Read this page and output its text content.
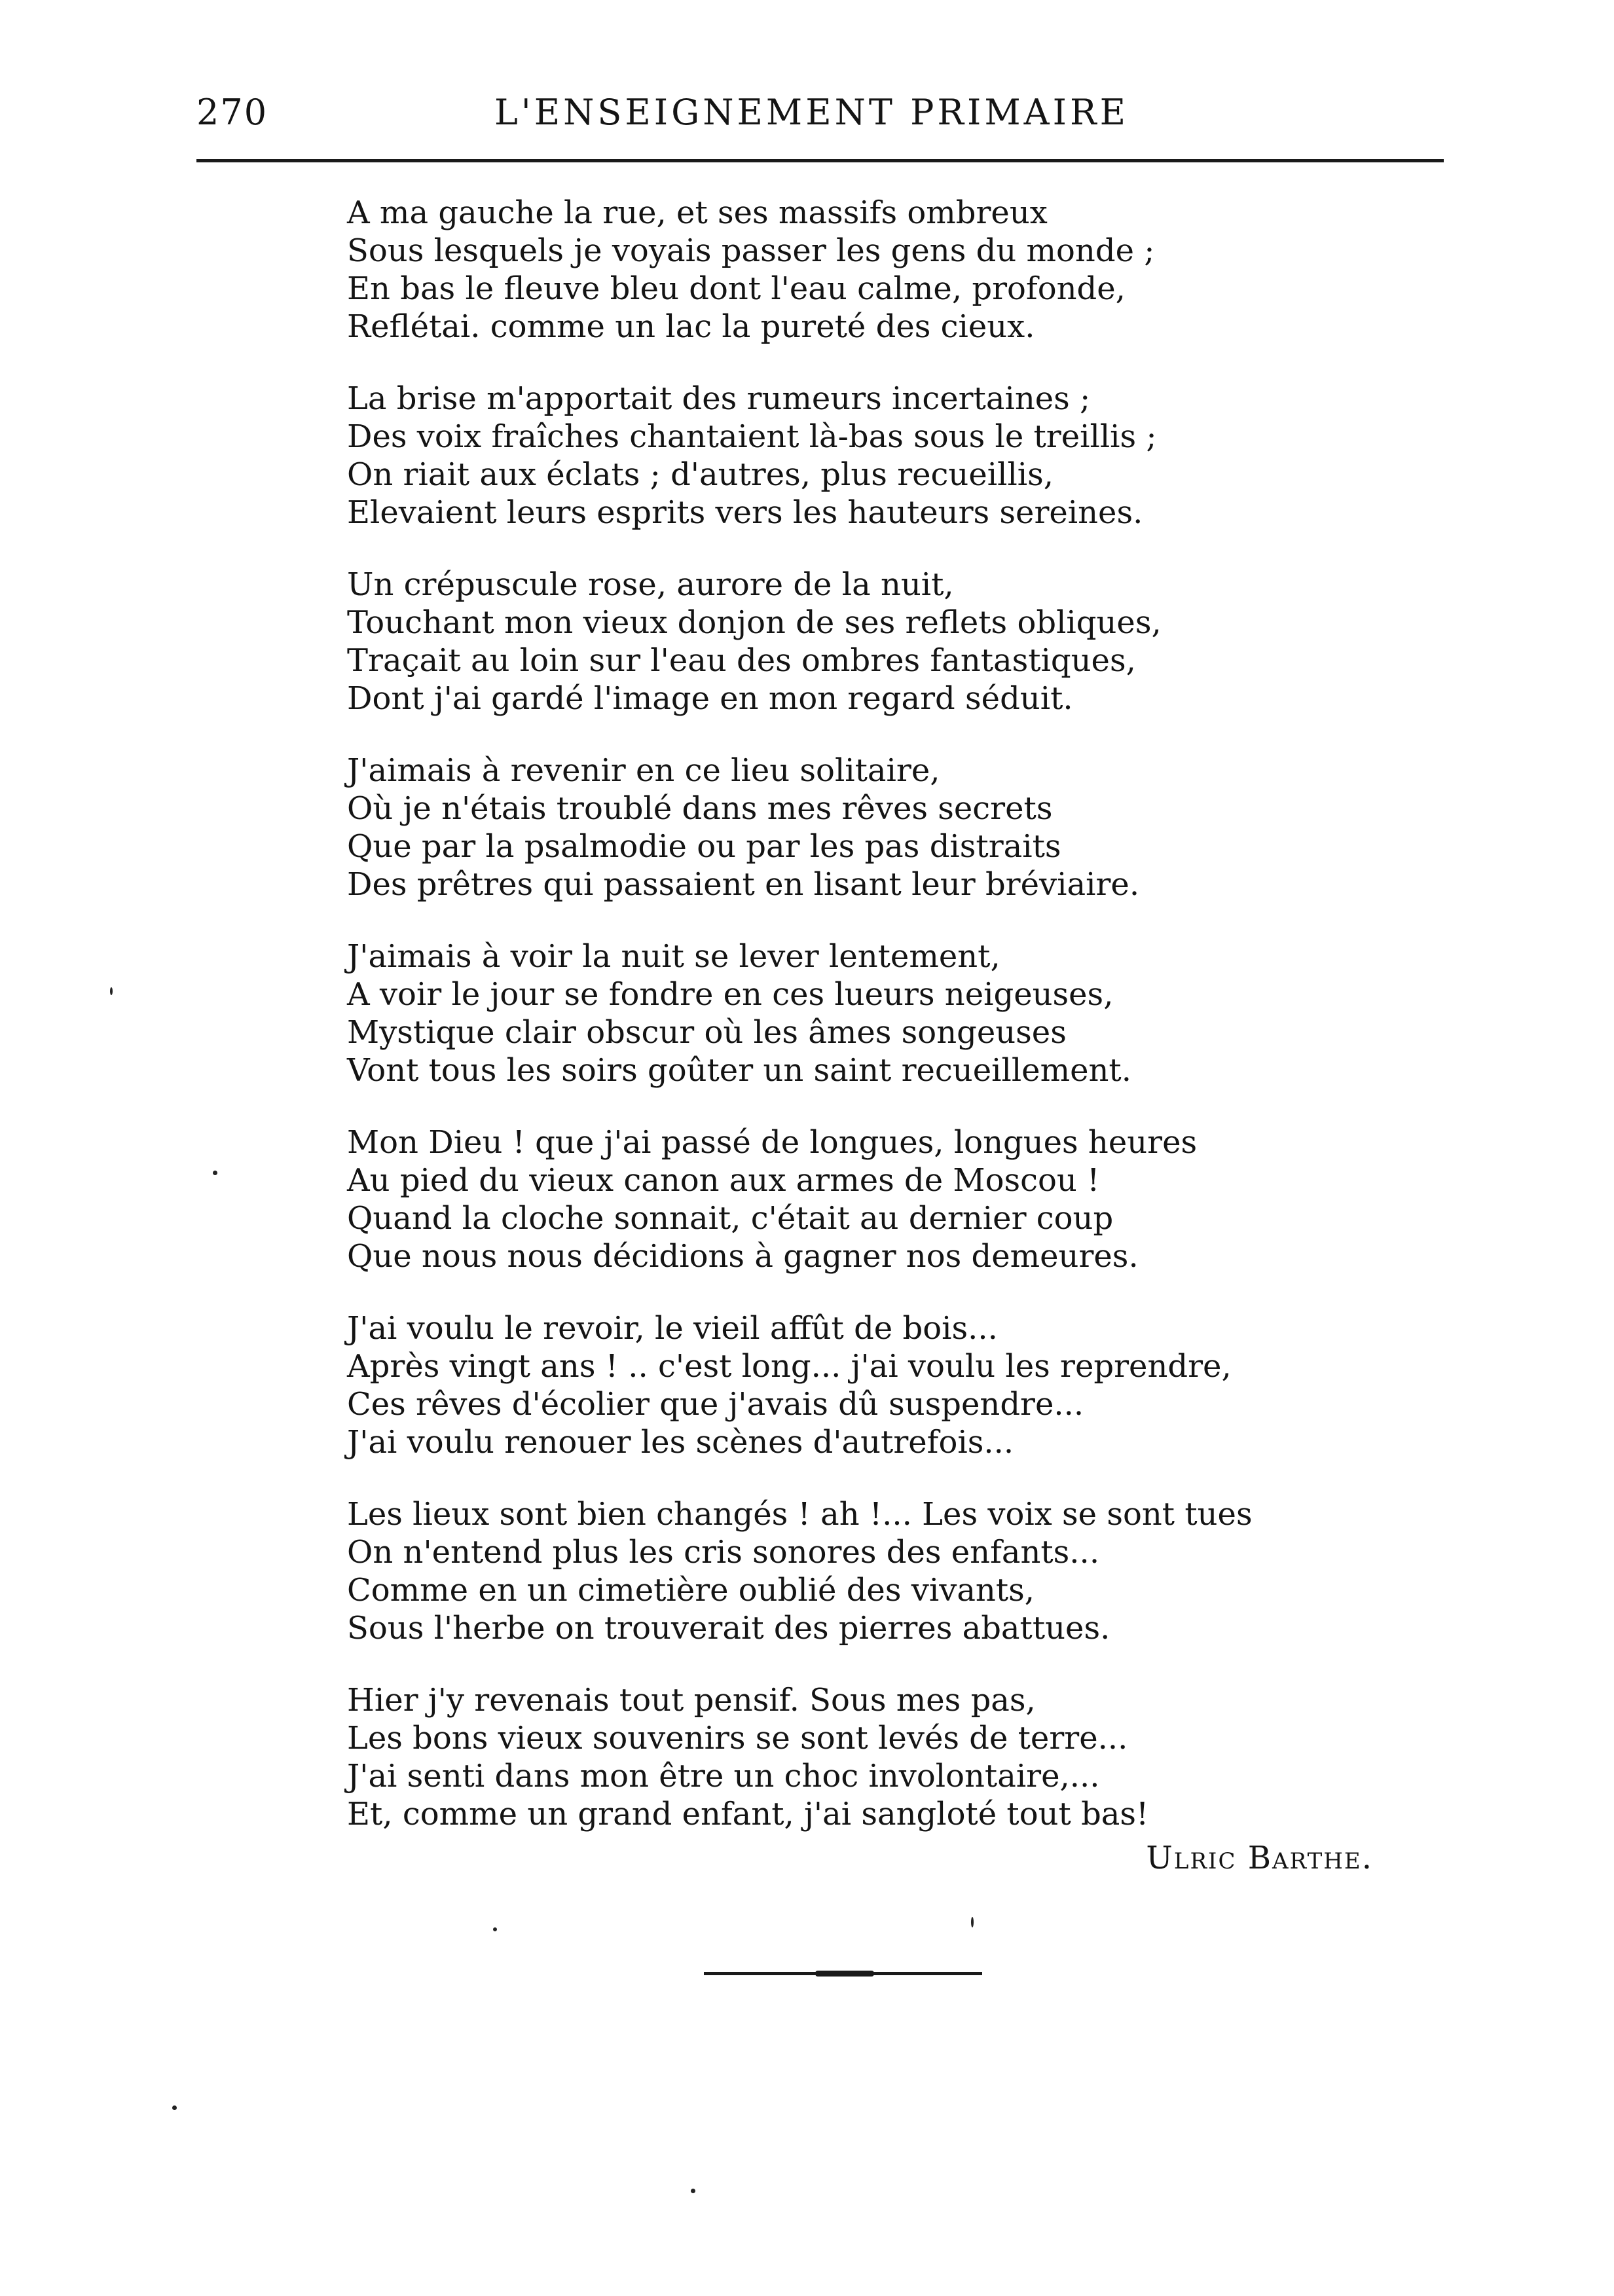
270	L'ENSEIGNEMENT PRIMAIRE
A ma gauche la rue, et ses massifs ombreux
Sous lesquels je voyais passer les gens du monde ;
En bas le fleuve bleu dont l'eau calme, profonde,
Reflétai. comme un lac la pureté des cieux.
La brise m'apportait des rumeurs incertaines ;
Des voix fraîches chantaient là-bas sous le treillis ;
On riait aux éclats ; d'autres, plus recueillis,
Elevaient leurs esprits vers les hauteurs sereines.
Un crépuscule rose, aurore de la nuit,
Touchant mon vieux donjon de ses reflets obliques,
Traçait au loin sur l'eau des ombres fantastiques,
Dont j'ai gardé l'image en mon regard séduit.
J'aimais à revenir en ce lieu solitaire,
Où je n'étais troublé dans mes rêves secrets
Que par la psalmodie ou par les pas distraits
Des prêtres qui passaient en lisant leur bréviaire.
J'aimais à voir la nuit se lever lentement,
A voir le jour se fondre en ces lueurs neigeuses,
Mystique clair obscur où les âmes songeuses
Vont tous les soirs goûter un saint recueillement.
Mon Dieu ! que j'ai passé de longues, longues heures
Au pied du vieux canon aux armes de Moscou !
Quand la cloche sonnait, c'était au dernier coup
Que nous nous décidions à gagner nos demeures.
J'ai voulu le revoir, le vieil affût de bois...
Après vingt ans ! .. c'est long... j'ai voulu les reprendre,
Ces rêves d'écolier que j'avais dû suspendre...
J'ai voulu renouer les scènes d'autrefois...
Les lieux sont bien changés ! ah !... Les voix se sont tues
On n'entend plus les cris sonores des enfants...
Comme en un cimetière oublié des vivants,
Sous l'herbe on trouverait des pierres abattues.
Hier j'y revenais tout pensif. Sous mes pas,
Les bons vieux souvenirs se sont levés de terre...
J'ai senti dans mon être un choc involontaire,...
Et, comme un grand enfant, j'ai sangloté tout bas!
Ulric Barthe.
